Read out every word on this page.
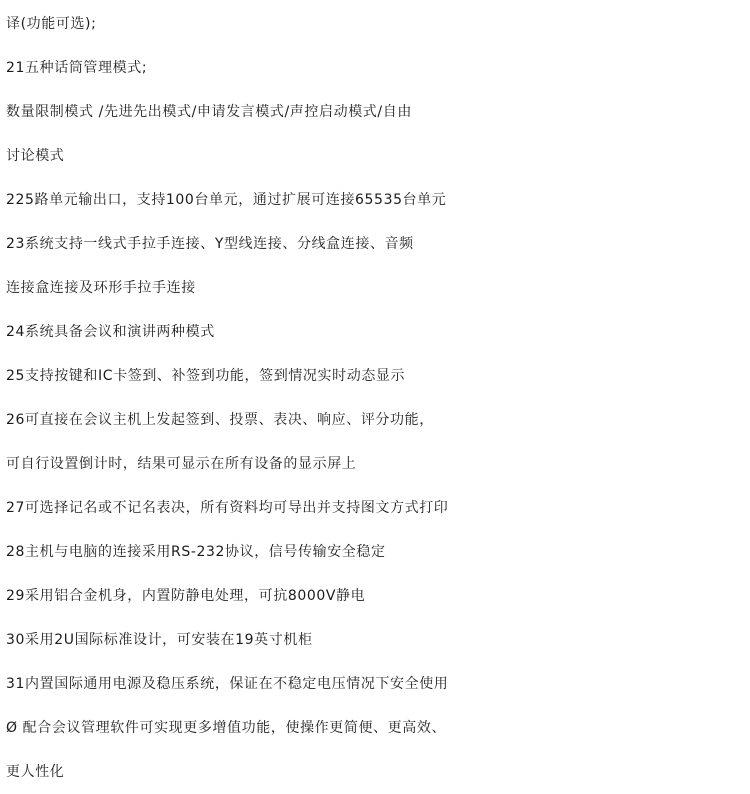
译(功能可选);

21五种话筒管理模式;

数量限制模式 /先进先出模式/申请发言模式/声控启动模式/自由

讨论模式

225路单元输出口，支持100台单元，通过扩展可连接65535台单元

23系统支持一线式手拉手连接、Y型线连接、分线盒连接、音频

连接盒连接及环形手拉手连接

24系统具备会议和演讲两种模式

25支持按键和IC卡签到、补签到功能，签到情况实时动态显示

26可直接在会议主机上发起签到、投票、表决、响应、评分功能，

可自行设置倒计时，结果可显示在所有设备的显示屏上

27可选择记名或不记名表决，所有资料均可导出并支持图文方式打印

28主机与电脑的连接采用RS-232协议，信号传输安全稳定

29采用铝合金机身，内置防静电处理，可抗8000V静电

30采用2U国际标准设计，可安装在19英寸机柜

31内置国际通用电源及稳压系统，保证在不稳定电压情况下安全使用

Ø 配合会议管理软件可实现更多增值功能，使操作更简便、更高效、

更人性化
